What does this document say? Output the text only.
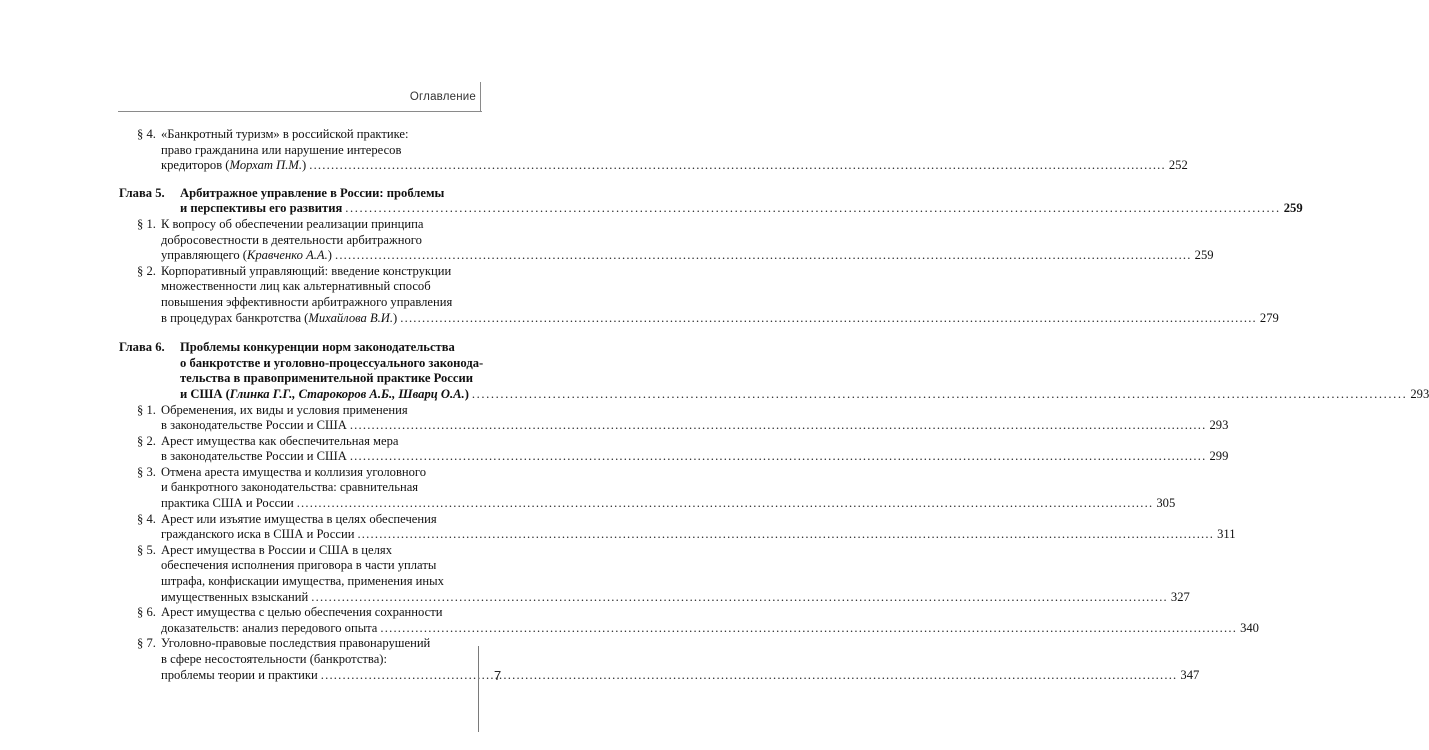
Оглавление
§ 4. «Банкротный туризм» в российской практике:
право гражданина или нарушение интересов
кредиторов (Морхат П.М.) .....	252
Глава 5.	Арбитражное управление в России: проблемы
и перспективы его развития .....	259
§ 1. К вопросу об обеспечении реализации принципа
добросовестности в деятельности арбитражного
управляющего (Кравченко А.А.) .....	259
§ 2. Корпоративный управляющий: введение конструкции
множественности лиц как альтернативный способ
повышения эффективности арбитражного управления
в процедурах банкротства (Михайлова В.И.) .....	279
Глава 6.	Проблемы конкуренции норм законодательства
о банкротстве и уголовно-процессуального законода-
тельства в правоприменительной практике России
и США (Глинка Г.Г., Старокоров А.Б., Шварц О.А.) .....	293
§ 1. Обременения, их виды и условия применения
в законодательстве России и США .....	293
§ 2. Арест имущества как обеспечительная мера
в законодательстве России и США .....	299
§ 3. Отмена ареста имущества и коллизия уголовного
и банкротного законодательства: сравнительная
практика США и России .....	305
§ 4. Арест или изъятие имущества в целях обеспечения
гражданского иска в США и России .....	311
§ 5. Арест имущества в России и США в целях
обеспечения исполнения приговора в части уплаты
штрафа, конфискации имущества, применения иных
имущественных взысканий .....	327
§ 6. Арест имущества с целью обеспечения сохранности
доказательств: анализ передового опыта .....	340
§ 7. Уголовно-правовые последствия правонарушений
в сфере несостоятельности (банкротства):
проблемы теории и практики .....	347
7
